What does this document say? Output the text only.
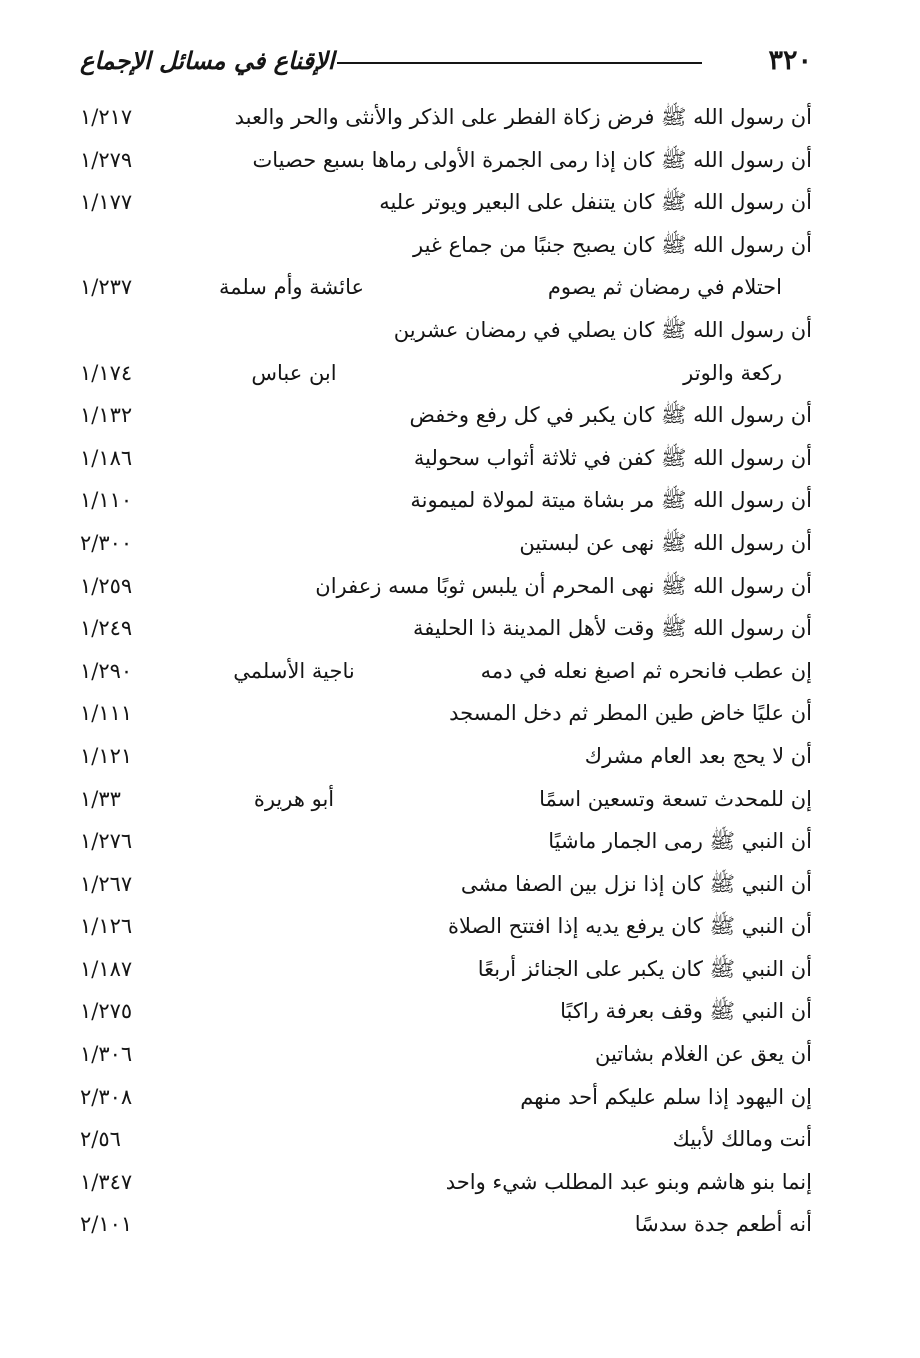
٣٢٠
الإقناع في مسائل الإجماع
أن رسول الله ﷺ فرض زكاة الفطر على الذكر والأنثى والحر والعبد
١/٢١٧
أن رسول الله ﷺ كان إذا رمى الجمرة الأولى رماها بسبع حصيات
١/٢٧٩
أن رسول الله ﷺ كان يتنفل على البعير ويوتر عليه
١/١٧٧
أن رسول الله ﷺ كان يصبح جنبًا من جماع غير
احتلام في رمضان ثم يصوم
عائشة وأم سلمة
١/٢٣٧
أن رسول الله ﷺ كان يصلي في رمضان عشرين
ركعة والوتر
ابن عباس
١/١٧٤
أن رسول الله ﷺ كان يكبر في كل رفع وخفض
١/١٣٢
أن رسول الله ﷺ كفن في ثلاثة أثواب سحولية
١/١٨٦
أن رسول الله ﷺ مر بشاة ميتة لمولاة لميمونة
١/١١٠
أن رسول الله ﷺ نهى عن لبستين
٢/٣٠٠
أن رسول الله ﷺ نهى المحرم أن يلبس ثوبًا مسه زعفران
١/٢٥٩
أن رسول الله ﷺ وقت لأهل المدينة ذا الحليفة
١/٢٤٩
إن عطب فانحره ثم اصبغ نعله في دمه
ناجية الأسلمي
١/٢٩٠
أن عليًا خاض طين المطر ثم دخل المسجد
١/١١١
أن لا يحج بعد العام مشرك
١/١٢١
إن للمحدث تسعة وتسعين اسمًا
أبو هريرة
١/٣٣
أن النبي ﷺ رمى الجمار ماشيًا
١/٢٧٦
أن النبي ﷺ كان إذا نزل بين الصفا مشى
١/٢٦٧
أن النبي ﷺ كان يرفع يديه إذا افتتح الصلاة
١/١٢٦
أن النبي ﷺ كان يكبر على الجنائز أربعًا
١/١٨٧
أن النبي ﷺ وقف بعرفة راكبًا
١/٢٧٥
أن يعق عن الغلام بشاتين
١/٣٠٦
إن اليهود إذا سلم عليكم أحد منهم
٢/٣٠٨
أنت ومالك لأبيك
٢/٥٦
إنما بنو هاشم وبنو عبد المطلب شيء واحد
١/٣٤٧
أنه أطعم جدة سدسًا
٢/١٠١
